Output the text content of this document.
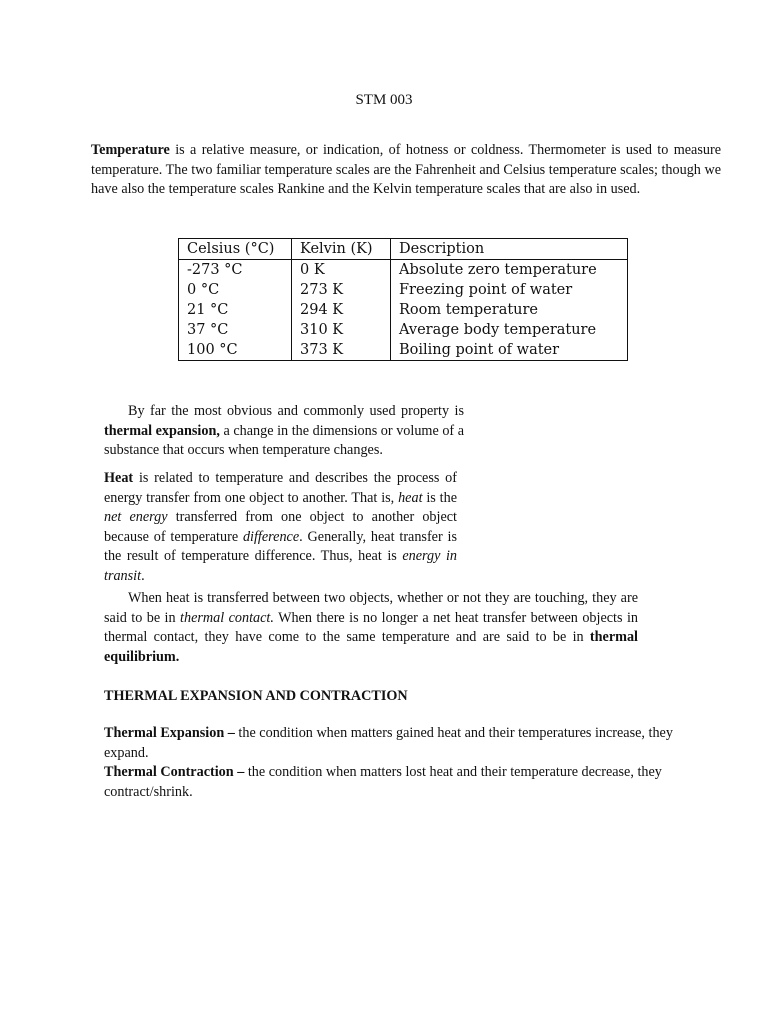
STM 003

Temperature is a relative measure, or indication, of hotness or coldness. Thermometer is used to measure temperature. The two familiar temperature scales are the Fahrenheit and Celsius temperature scales; though we have also the temperature scales Rankine and the Kelvin temperature scales that are also in used.

Celsius (°C)	Kelvin (K)	Description
-273 °C	0 K	Absolute zero temperature
0 °C	273 K	Freezing point of water
21 °C	294 K	Room temperature
37 °C	310 K	Average body temperature
100 °C	373 K	Boiling point of water

By far the most obvious and commonly used property is thermal expansion, a change in the dimensions or volume of a substance that occurs when temperature changes.

Heat is related to temperature and describes the process of energy transfer from one object to another. That is, heat is the net energy transferred from one object to another object because of temperature difference. Generally, heat transfer is the result of temperature difference. Thus, heat is energy in transit.

When heat is transferred between two objects, whether or not they are touching, they are said to be in thermal contact. When there is no longer a net heat transfer between objects in thermal contact, they have come to the same temperature and are said to be in thermal equilibrium.

THERMAL EXPANSION AND CONTRACTION
Thermal Expansion – the condition when matters gained heat and their temperatures increase, they expand.
Thermal Contraction – the condition when matters lost heat and their temperature decrease, they contract/shrink.
